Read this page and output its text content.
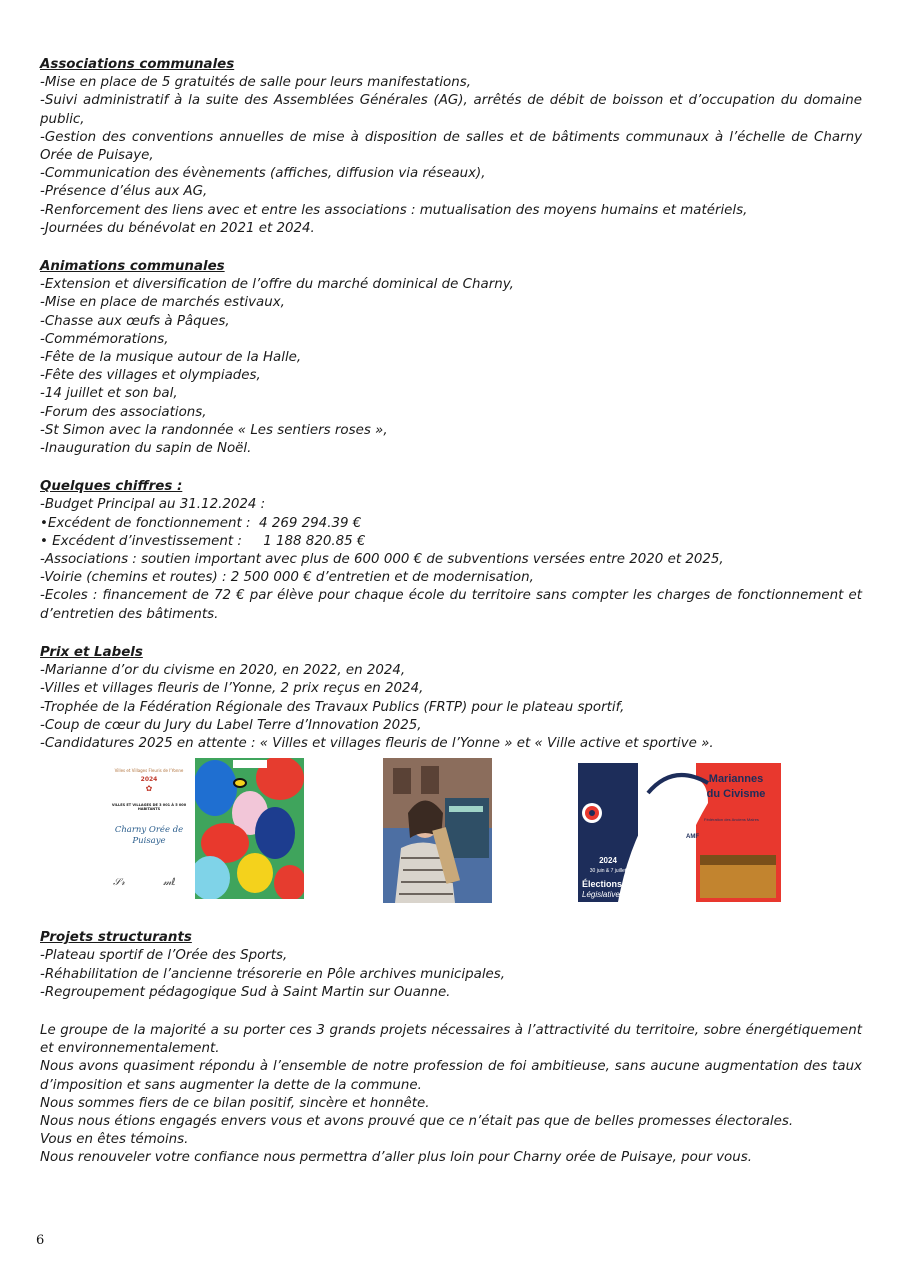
Associations communales

-Mise en place de 5 gratuités de salle pour leurs manifestations,

-Suivi administratif à la suite des Assemblées Générales (AG), arrêtés de débit de boisson et d’occupation du domaine public,

-Gestion des conventions annuelles de mise à disposition de salles et de bâtiments communaux à l’échelle de Charny Orée de Puisaye,

-Communication des évènements (affiches, diffusion via réseaux),

-Présence d’élus aux AG,

-Renforcement des liens avec et entre les associations : mutualisation des moyens humains et matériels,

-Journées du bénévolat en 2021 et 2024.

Animations communales

-Extension et diversification de l’offre du marché dominical de Charny,

-Mise en place de marchés estivaux,

-Chasse aux œufs à Pâques,

-Commémorations,

-Fête de la musique autour de la Halle,

-Fête des villages et olympiades,

-14 juillet et son bal,

-Forum des associations,

-St Simon avec la randonnée « Les sentiers roses »,

-Inauguration du sapin de Noël.

Quelques chiffres :

-Budget Principal au 31.12.2024 :

•Excédent de fonctionnement :  4 269 294.39 €

• Excédent d’investissement :     1 188 820.85 €

-Associations : soutien important avec plus de 600 000 € de subventions versées entre 2020 et 2025,

-Voirie (chemins et routes) : 2 500 000 € d’entretien et de modernisation,

-Ecoles : financement de 72 € par élève pour chaque école du territoire sans compter les charges de fonctionnement et d’entretien des bâtiments.

Prix et Labels

-Marianne d’or du civisme en 2020, en 2022, en 2024,

-Villes et villages fleuris de l’Yonne, 2 prix reçus en 2024,

-Trophée de la Fédération Régionale des Travaux Publics (FRTP) pour le plateau sportif,

-Coup de cœur du Jury du Label Terre d’Innovation 2025,

-Candidatures 2025 en attente : « Villes et villages fleuris de l’Yonne » et « Ville active et sportive ».

Villes et Villages Fleuris de l'Yonne
2024
✿
VILLES ET VILLAGES DE 3 001 À 5 000 HABITANTS
Charny Orée de Puisaye
𝒮𝓇	𝓂ℓ
Mariannes
du Civisme
Fédération des Anciens Maires
AMF
2024
30 juin & 7 juillet
Élections
Législatives
Projets structurants

-Plateau sportif de l’Orée des Sports,

-Réhabilitation de l’ancienne trésorerie en Pôle archives municipales,

-Regroupement pédagogique Sud à Saint Martin sur Ouanne.

Le groupe de la majorité a su porter ces 3 grands projets nécessaires à l’attractivité du territoire, sobre énergétiquement et environnementalement.

Nous avons quasiment répondu à l’ensemble de notre profession de foi ambitieuse, sans aucune augmentation des taux d’imposition et sans augmenter la dette de la commune.

Nous sommes fiers de ce bilan positif, sincère et honnête.

Nous nous étions engagés envers vous et avons prouvé que ce n’était pas que de belles promesses électorales.

Vous en êtes témoins.

Nous renouveler votre confiance nous permettra d’aller plus loin pour Charny orée de Puisaye, pour vous.

6
